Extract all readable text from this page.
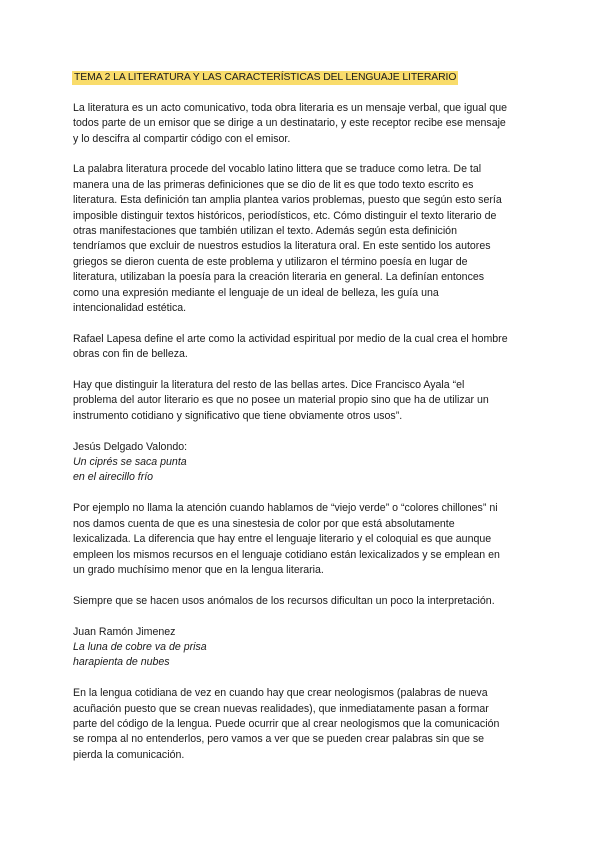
TEMA 2 LA LITERATURA Y LAS CARACTERÍSTICAS DEL LENGUAJE LITERARIO

La literatura es un acto comunicativo, toda obra literaria es un mensaje verbal, que igual que
todos parte de un emisor que se dirige a un destinatario, y este receptor recibe ese mensaje
y lo descifra al compartir código con el emisor.

La palabra literatura procede del vocablo latino littera que se traduce como letra. De tal
manera una de las primeras definiciones que se dio de lit es que todo texto escrito es
literatura. Esta definición tan amplia plantea varios problemas, puesto que según esto sería
imposible distinguir textos históricos, periodísticos, etc. Cómo distinguir el texto literario de
otras manifestaciones que también utilizan el texto. Además según esta definición
tendríamos que excluir de nuestros estudios la literatura oral. En este sentido los autores
griegos se dieron cuenta de este problema y utilizaron el término poesía en lugar de
literatura, utilizaban la poesía para la creación literaria en general. La definían entonces
como una expresión mediante el lenguaje de un ideal de belleza, les guía una
intencionalidad estética.

Rafael Lapesa define el arte como la actividad espiritual por medio de la cual crea el hombre
obras con fin de belleza.

Hay que distinguir la literatura del resto de las bellas artes. Dice Francisco Ayala “el
problema del autor literario es que no posee un material propio sino que ha de utilizar un
instrumento cotidiano y significativo que tiene obviamente otros usos”.

Jesús Delgado Valondo:
Un ciprés se saca punta
en el airecillo frío

Por ejemplo no llama la atención cuando hablamos de “viejo verde” o “colores chillones” ni
nos damos cuenta de que es una sinestesia de color por que está absolutamente
lexicalizada. La diferencia que hay entre el lenguaje literario y el coloquial es que aunque
empleen los mismos recursos en el lenguaje cotidiano están lexicalizados y se emplean en
un grado muchísimo menor que en la lengua literaria.

Siempre que se hacen usos anómalos de los recursos dificultan un poco la interpretación.

Juan Ramón Jimenez
La luna de cobre va de prisa
harapienta de nubes

En la lengua cotidiana de vez en cuando hay que crear neologismos (palabras de nueva
acuñación puesto que se crean nuevas realidades), que inmediatamente pasan a formar
parte del código de la lengua. Puede ocurrir que al crear neologismos que la comunicación
se rompa al no entenderlos, pero vamos a ver que se pueden crear palabras sin que se
pierda la comunicación.
